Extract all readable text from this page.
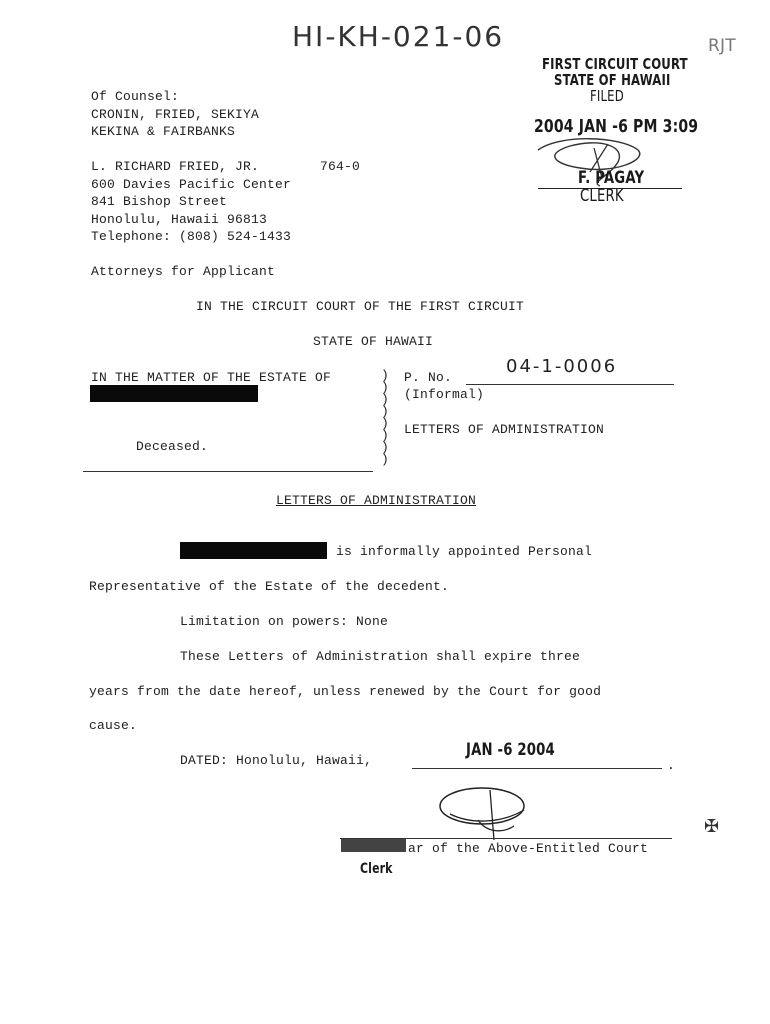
HI-KH-021-06	RJT
FIRST CIRCUIT COURT
STATE OF HAWAII
FILED
2004 JAN -6 PM 3:09
F. PAGAY
CLERK
Of Counsel:
CRONIN, FRIED, SEKIYA
KEKINA & FAIRBANKS
L. RICHARD FRIED, JR.	764-0
600 Davies Pacific Center
841 Bishop Street
Honolulu, Hawaii 96813
Telephone: (808) 524-1433
Attorneys for Applicant
IN THE CIRCUIT COURT OF THE FIRST CIRCUIT
STATE OF HAWAII
IN THE MATTER OF THE ESTATE OF
Deceased.
)
)
)
)
)
)
)
)
P. No.
04-1-0006
(Informal)
LETTERS OF ADMINISTRATION
LETTERS OF ADMINISTRATION
is informally appointed Personal
Representative of the Estate of the decedent.
Limitation on powers: None
These Letters of Administration shall expire three
years from the date hereof, unless renewed by the Court for good
cause.
DATED: Honolulu, Hawaii,
JAN -6 2004
.
ar of the Above-Entitled Court
Clerk
✠
